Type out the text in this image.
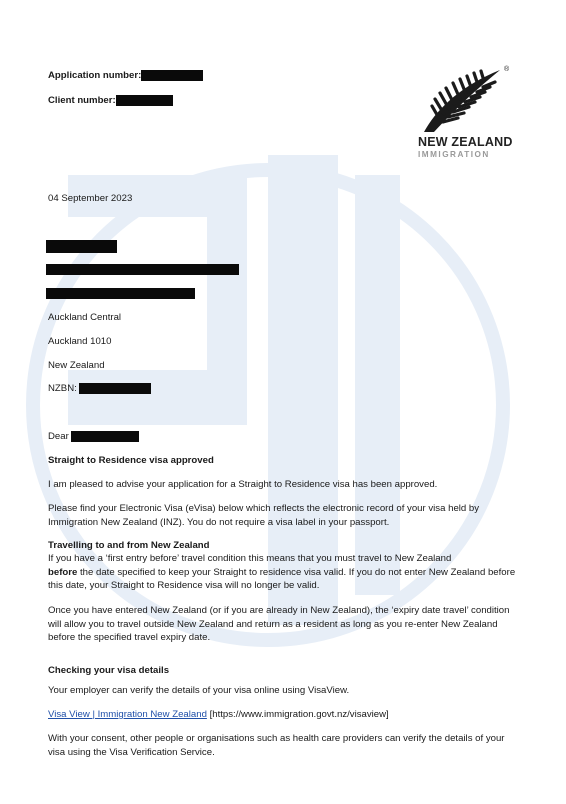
Application number:
Client number:
®
NEW ZEALAND
IMMIGRATION
04 September 2023
Auckland Central
Auckland 1010
New Zealand
NZBN:
Dear
Straight to Residence visa approved

I am pleased to advise your application for a Straight to Residence visa has been approved.

Please find your Electronic Visa (eVisa) below which reflects the electronic record of your visa held by Immigration New Zealand (INZ). You do not require a visa label in your passport.

Travelling to and from New Zealand

If you have a ‘first entry before’ travel condition this means that you must travel to New Zealand
before the date specified to keep your Straight to residence visa valid. If you do not enter New Zealand before this date, your Straight to Residence visa will no longer be valid.

Once you have entered New Zealand (or if you are already in New Zealand), the ‘expiry date travel’ condition will allow you to travel outside New Zealand and return as a resident as long as you re-enter New Zealand before the specified travel expiry date.

Checking your visa details

Your employer can verify the details of your visa online using VisaView.

Visa View | Immigration New Zealand [https://www.immigration.govt.nz/visaview]

With your consent, other people or organisations such as health care providers can verify the details of your visa using the Visa Verification Service.
